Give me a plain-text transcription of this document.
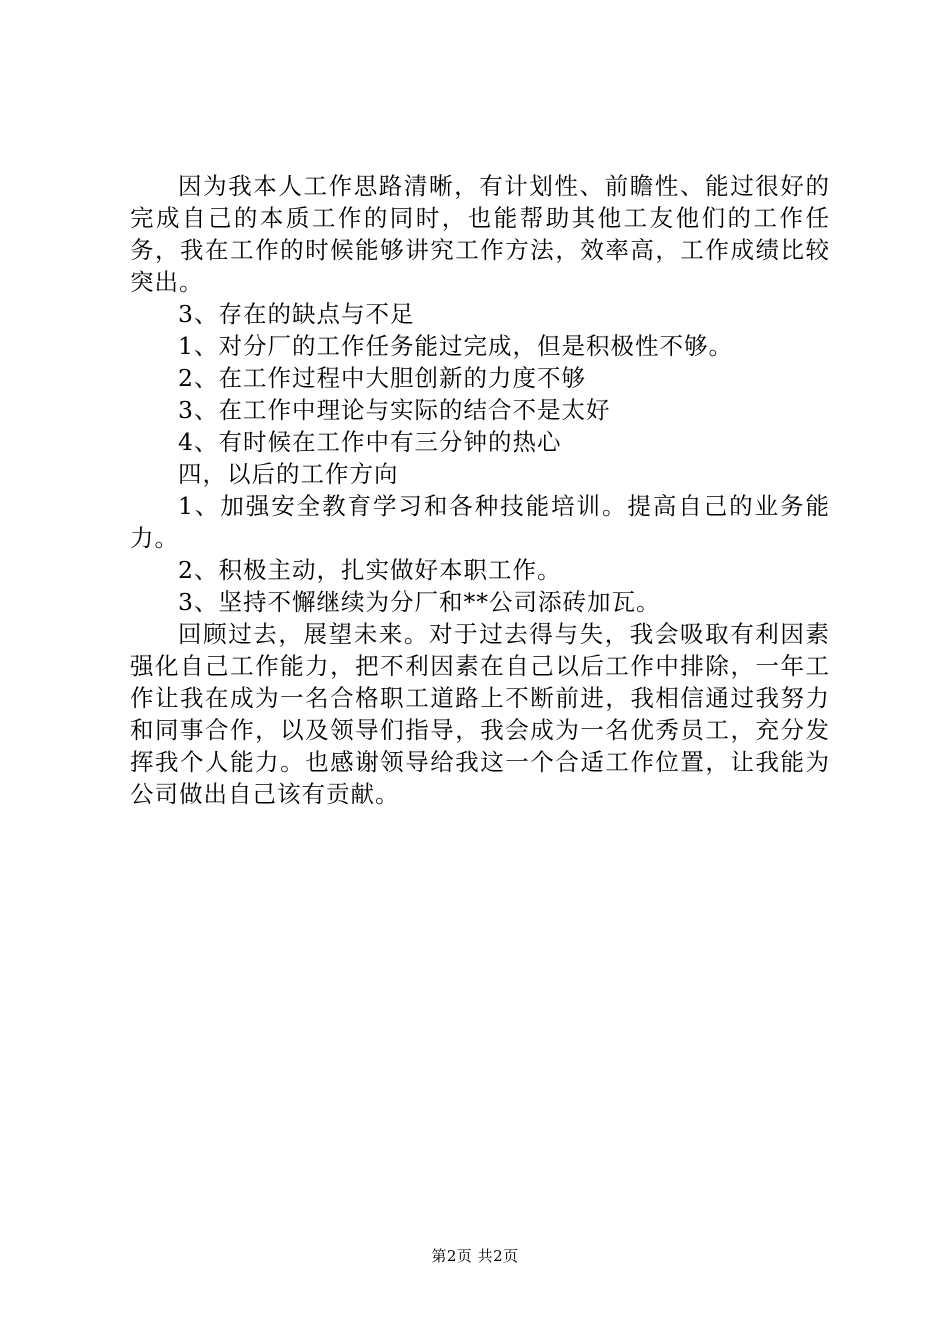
因为我本人工作思路清晰，有计划性、前瞻性、能过很好的完成自己的本质工作的同时，也能帮助其他工友他们的工作任务，我在工作的时候能够讲究工作方法，效率高，工作成绩比较突出。

3、存在的缺点与不足

1、对分厂的工作任务能过完成，但是积极性不够。

2、在工作过程中大胆创新的力度不够

3、在工作中理论与实际的结合不是太好

4、有时候在工作中有三分钟的热心

四，以后的工作方向

1、加强安全教育学习和各种技能培训。提高自己的业务能力。

2、积极主动，扎实做好本职工作。

3、坚持不懈继续为分厂和**公司添砖加瓦。

回顾过去，展望未来。对于过去得与失，我会吸取有利因素强化自己工作能力，把不利因素在自己以后工作中排除，一年工作让我在成为一名合格职工道路上不断前进，我相信通过我努力和同事合作，以及领导们指导，我会成为一名优秀员工，充分发挥我个人能力。也感谢领导给我这一个合适工作位置，让我能为公司做出自己该有贡献。

第2页 共2页
